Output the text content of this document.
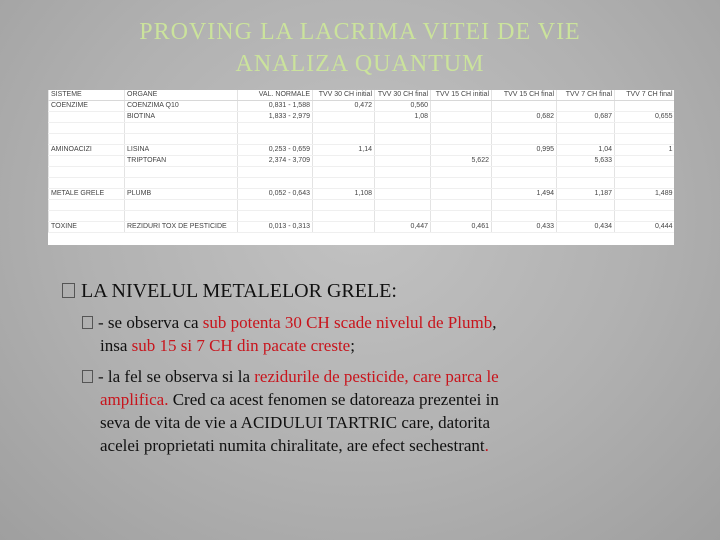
PROVING LA LACRIMA VITEI DE VIE
ANALIZA QUANTUM
SISTEME	ORGANE	VAL. NORMALE	TVV 30 CH initial	TVV 30 CH final	TVV 15 CH initial	TVV 15 CH final	TVV 7 CH final	TVV 7 CH final
COENZIME	COENZIMA Q10	0,831 - 1,588	0,472	0,560				
	BIOTINA	1,833 - 2,979		1,08		0,682	0,687	0,655

AMINOACIZI	LISINA	0,253 - 0,659	1,14			0,995	1,04	1
	TRIPTOFAN	2,374 - 3,709			5,622		5,633	

METALE GRELE	PLUMB	0,052 - 0,643	1,108			1,494	1,187	1,489

TOXINE	REZIDURI TOX DE PESTICIDE	0,013 - 0,313		0,447	0,461	0,433	0,434	0,444
LA NIVELUL METALELOR GRELE:
- se observa ca sub potenta 30 CH scade nivelul de Plumb,
insa sub 15 si 7 CH din pacate creste;
- la fel se observa si la rezidurile de pesticide, care parca le
amplifica. Cred ca acest fenomen se datoreaza prezentei in
seva de vita de vie a ACIDULUI TARTRIC care, datorita
acelei proprietati numita chiralitate, are efect sechestrant.
